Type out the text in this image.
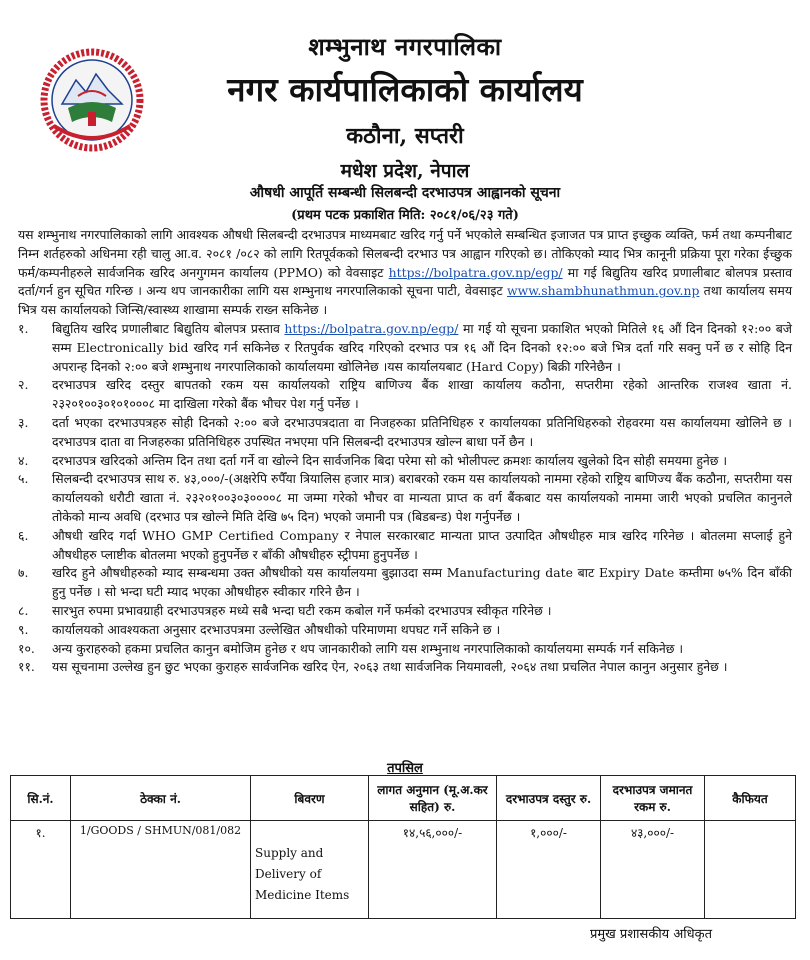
शम्भुनाथ नगरपालिका
नगर कार्यपालिकाको कार्यालय
कठौना, सप्तरी
मधेश प्रदेश, नेपाल
औषधी आपूर्ति सम्बन्धी सिलबन्दी दरभाउपत्र आह्वानको सूचना
(प्रथम पटक प्रकाशित मिति: २०८१/०६/२३ गते)

यस शम्भुनाथ नगरपालिकाको लागि आवश्यक औषधी सिलबन्दी दरभाउपत्र माध्यमबाट खरिद गर्नु पर्ने भएकोले सम्बन्धित इजाजत पत्र प्राप्त इच्छुक व्यक्ति, फर्म तथा कम्पनीबाट निम्न शर्तहरुको अधिनमा रही चालु आ.व. २०८१ /०८२ को लागि रितपूर्वकको सिलबन्दी दरभाउ पत्र आह्वान गरिएको छ। तोकिएको म्याद भित्र कानूनी प्रक्रिया पूरा गरेका ईच्छुक फर्म/कम्पनीहरुले सार्वजनिक खरिद अनगुगमन कार्यालय (PPMO) को वेवसाइट https://bolpatra.gov.np/egp/ मा गई बिद्युतिय खरिद प्रणालीबाट बोलपत्र प्रस्ताव दर्ता/गर्न हुन सूचित गरिन्छ । अन्य थप जानकारीका लागि यस शम्भुनाथ नगरपालिकाको सूचना पाटी, वेवसाइट www.shambhunathmun.gov.np तथा कार्यालय समय भित्र यस कार्यालयको जिन्सि/स्वास्थ्य शाखामा सम्पर्क राख्न सकिनेछ ।

१.	बिद्युतिय खरिद प्रणालीबाट बिद्युतिय बोलपत्र प्रस्ताव https://bolpatra.gov.np/egp/ मा गई यो सूचना प्रकाशित भएको मितिले १६ औं दिन दिनको १२:०० बजे सम्म Electronically bid खरिद गर्न सकिनेछ र रितपुर्वक खरिद गरिएको दरभाउ पत्र १६ औं दिन दिनको १२:०० बजे भित्र दर्ता गरि सक्नु पर्ने छ र सोहि दिन अपरान्ह दिनको २:०० बजे शम्भुनाथ नगरपालिकाको कार्यालयमा खोलिनेछ ।यस कार्यालयबाट (Hard Copy) बिक्री गरिनेछैन ।
२.	दरभाउपत्र खरिद दस्तुर बापतको रकम यस कार्यालयको राष्ट्रिय बाणिज्य बैंक शाखा कार्यालय कठौना, सप्तरीमा रहेको आन्तरिक राजश्व खाता नं. २३२०१००३०१०१०००८ मा दाखिला गरेको बैंक भौचर पेश गर्नु पर्नेछ ।
३.	दर्ता भएका दरभाउपत्रहरु सोही दिनको २:०० बजे दरभाउपत्रदाता वा निजहरुका प्रतिनिधिहरु र कार्यालयका प्रतिनिधिहरुको रोहवरमा यस कार्यालयमा खोलिने छ । दरभाउपत्र दाता वा निजहरुका प्रतिनिधिहरु उपस्थित नभएमा पनि सिलबन्दी दरभाउपत्र खोल्न बाधा पर्ने छैन ।
४.	दरभाउपत्र खरिदको अन्तिम दिन तथा दर्ता गर्ने वा खोल्ने दिन सार्वजनिक बिदा परेमा सो को भोलीपल्ट क्रमशः कार्यालय खुलेको दिन सोही समयमा हुनेछ ।
५.	सिलबन्दी दरभाउपत्र साथ रु. ४३,०००/-(अक्षरेपि रुपैँया त्रियालिस हजार मात्र) बराबरको रकम यस कार्यालयको नाममा रहेको राष्ट्रिय बाणिज्य बैंक कठौना, सप्तरीमा यस कार्यालयको धरौटी खाता नं. २३२०१००३०३००००८ मा जम्मा गरेको भौचर वा मान्यता प्राप्त क वर्ग बैंकबाट यस कार्यालयको नाममा जारी भएको प्रचलित कानुनले तोकेको मान्य अवधि (दरभाउ पत्र खोल्ने मिति देखि ७५ दिन) भएको जमानी पत्र (बिडबन्ड) पेश गर्नुपर्नेछ ।
६.	औषधी खरिद गर्दा WHO GMP Certified Company र नेपाल सरकारबाट मान्यता प्राप्त उत्पादित औषधीहरु मात्र खरिद गरिनेछ । बोतलमा सप्लाई हुने औषधीहरु प्लाष्टीक बोतलमा भएको हुनुपर्नेछ र बाँकी औषधीहरु स्ट्रीपमा हुनुपर्नेछ ।
७.	खरिद हुने औषधीहरुको म्याद सम्बन्धमा उक्त औषधीको यस कार्यालयमा बुझाउदा सम्म Manufacturing date बाट Expiry Date कम्तीमा ७५% दिन बाँकी हुनु पर्नेछ । सो भन्दा घटी म्याद भएका औषधीहरु स्वीकार गरिने छैन ।
८.	सारभुत रुपमा प्रभावग्राही दरभाउपत्रहरु मध्ये सबै भन्दा घटी रकम कबोल गर्ने फर्मको दरभाउपत्र स्वीकृत गरिनेछ ।
९.	कार्यालयको आवश्यकता अनुसार दरभाउपत्रमा उल्लेखित औषधीको परिमाणमा थपघट गर्ने सकिने छ ।
१०.	अन्य कुराहरुको हकमा प्रचलित कानुन बमोजिम हुनेछ र थप जानकारीको लागि यस शम्भुनाथ नगरपालिकाको कार्यालयमा सम्पर्क गर्न सकिनेछ ।
११.	यस सूचनामा उल्लेख हुन छुट भएका कुराहरु सार्वजनिक खरिद ऐन, २०६३ तथा सार्वजनिक नियमावली, २०६४ तथा प्रचलित नेपाल कानुन अनुसार हुनेछ ।
तपसिल
सि.नं.	ठेक्का नं.	बिवरण	लागत अनुमान (मू.अ.कर सहित) रु.	दरभाउपत्र दस्तुर रु.	दरभाउपत्र जमानत रकम रु.	कैफियत
१.	1/GOODS / SHMUN/081/082	Supply and Delivery of Medicine Items	१४,५६,०००/-	१,०००/-	४३,०००/-	
प्रमुख प्रशासकीय अधिकृत
